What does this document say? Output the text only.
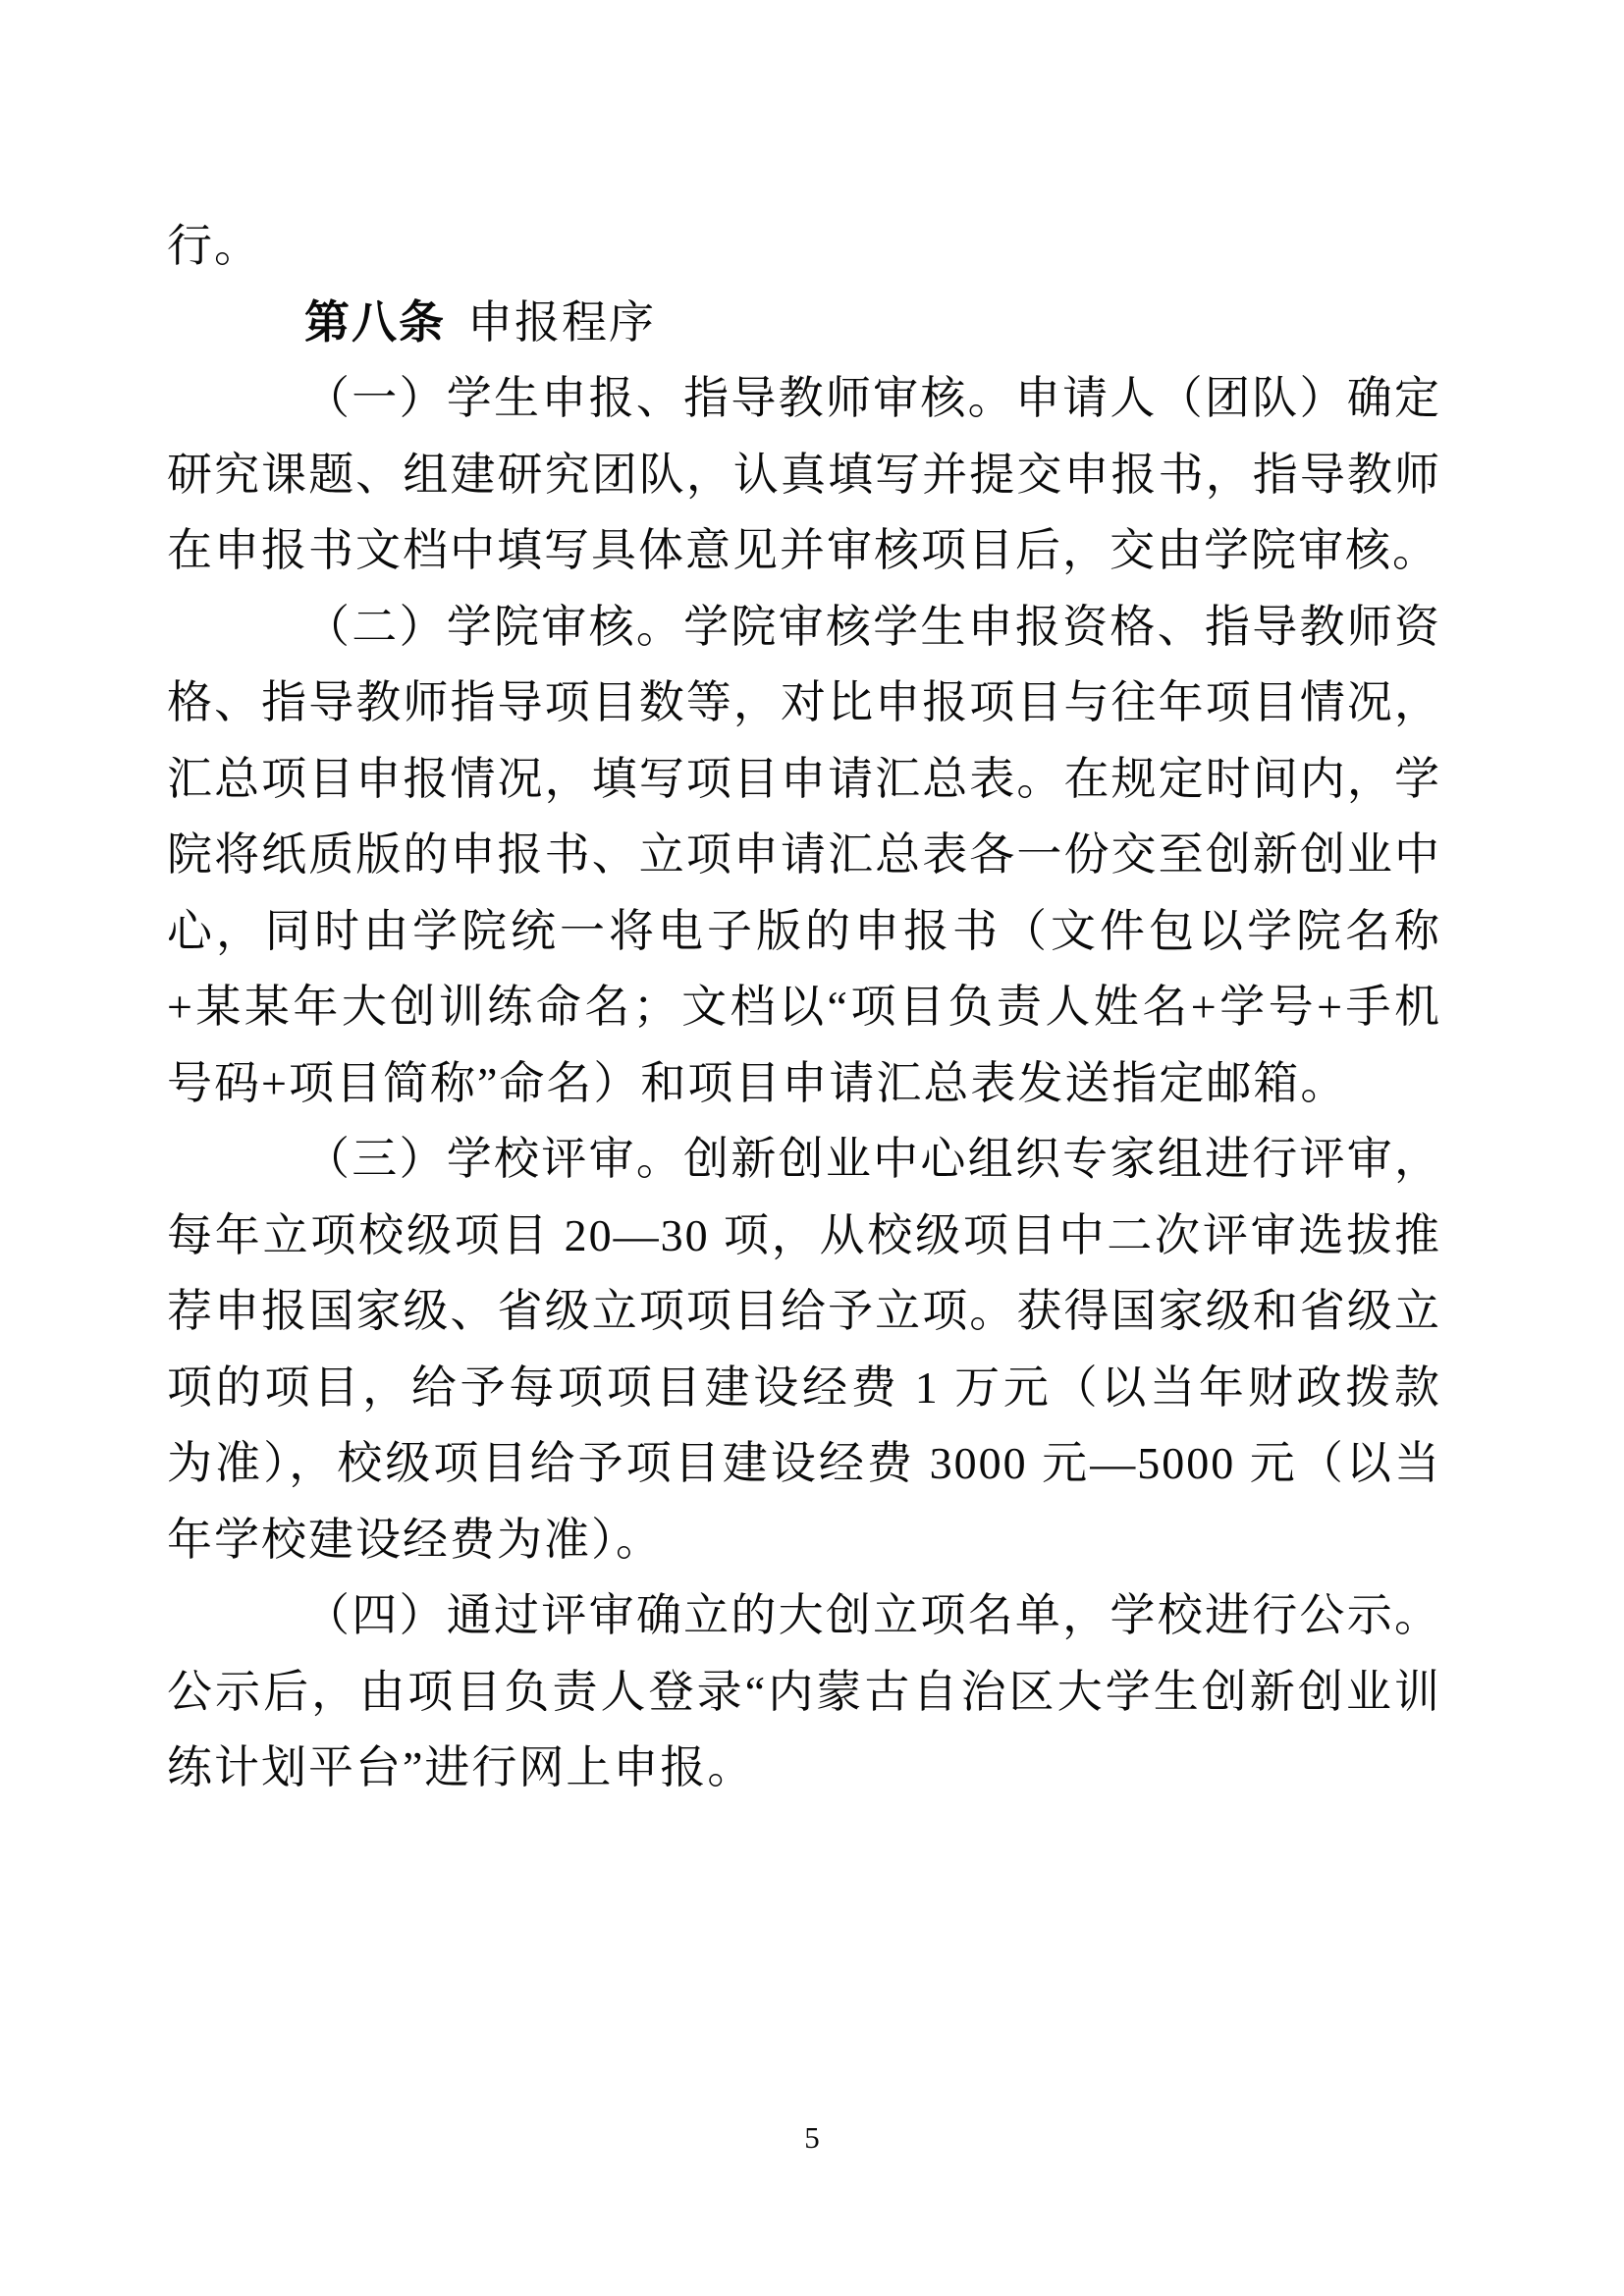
行。

第八条 申报程序

（一）学生申报、指导教师审核。申请人（团队）确定研究课题、组建研究团队，认真填写并提交申报书，指导教师在申报书文档中填写具体意见并审核项目后，交由学院审核。

（二）学院审核。学院审核学生申报资格、指导教师资格、指导教师指导项目数等，对比申报项目与往年项目情况，汇总项目申报情况，填写项目申请汇总表。在规定时间内，学院将纸质版的申报书、立项申请汇总表各一份交至创新创业中心，同时由学院统一将电子版的申报书（文件包以学院名称+某某年大创训练命名；文档以“项目负责人姓名+学号+手机号码+项目简称”命名）和项目申请汇总表发送指定邮箱。

（三）学校评审。创新创业中心组织专家组进行评审，每年立项校级项目 20—30 项，从校级项目中二次评审选拔推荐申报国家级、省级立项项目给予立项。获得国家级和省级立项的项目，给予每项项目建设经费 1 万元（以当年财政拨款为准），校级项目给予项目建设经费 3000 元—5000 元（以当年学校建设经费为准）。

（四）通过评审确立的大创立项名单，学校进行公示。公示后，由项目负责人登录“内蒙古自治区大学生创新创业训练计划平台”进行网上申报。

5
